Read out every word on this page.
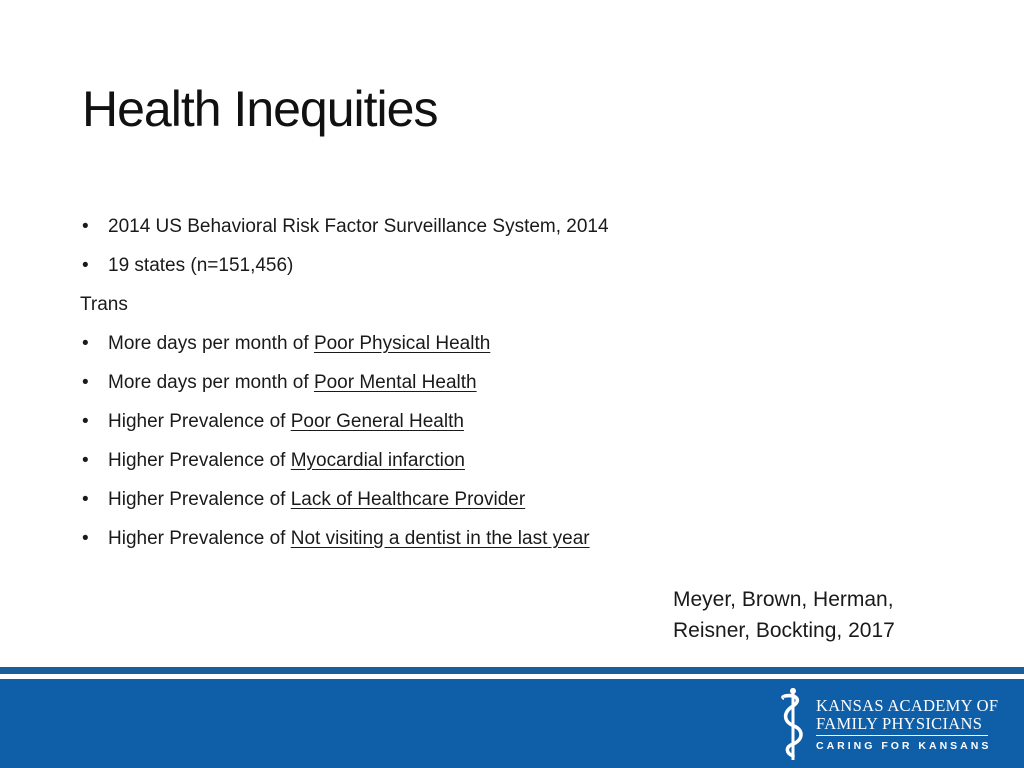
Health Inequities
•	2014 US Behavioral Risk Factor Surveillance System, 2014
•	19 states (n=151,456)
Trans
•	More days per month of Poor Physical Health
•	More days per month of Poor Mental Health
•	Higher Prevalence of Poor General Health
•	Higher Prevalence of Myocardial infarction
•	Higher Prevalence of Lack of Healthcare Provider
•	Higher Prevalence of Not visiting a dentist in the last year
Meyer, Brown, Herman,
Reisner, Bockting, 2017
KANSAS ACADEMY OF
FAMILY PHYSICIANS
CARING FOR KANSANS
